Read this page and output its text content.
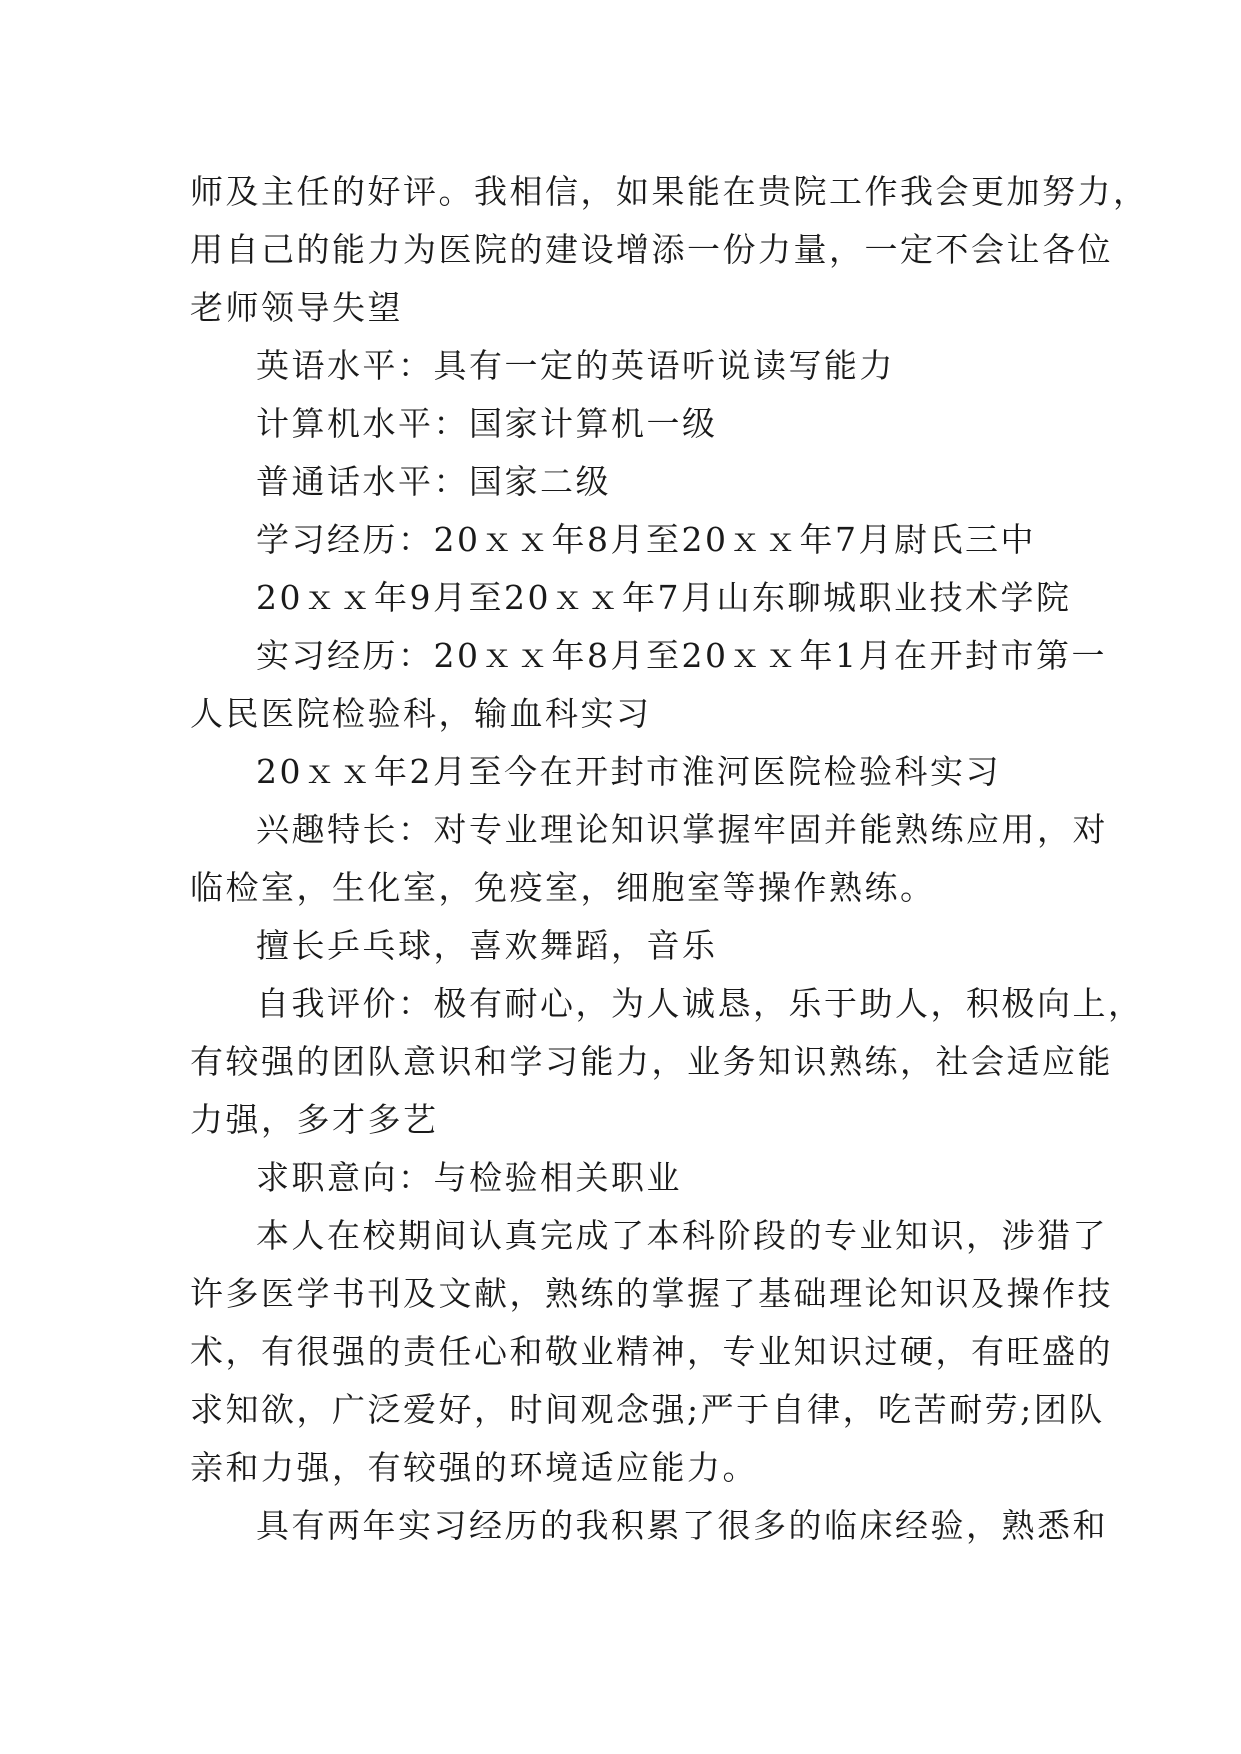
师及主任的好评。我相信，如果能在贵院工作我会更加努力，
用自己的能力为医院的建设增添一份力量，一定不会让各位
老师领导失望
英语水平：具有一定的英语听说读写能力
计算机水平：国家计算机一级
普通话水平：国家二级
学习经历：20ｘｘ年8月至20ｘｘ年7月尉氏三中
20ｘｘ年9月至20ｘｘ年7月山东聊城职业技术学院
实习经历：20ｘｘ年8月至20ｘｘ年1月在开封市第一
人民医院检验科，输血科实习
20ｘｘ年2月至今在开封市淮河医院检验科实习
兴趣特长：对专业理论知识掌握牢固并能熟练应用，对
临检室，生化室，免疫室，细胞室等操作熟练。
擅长乒乓球，喜欢舞蹈，音乐
自我评价：极有耐心，为人诚恳，乐于助人，积极向上，
有较强的团队意识和学习能力，业务知识熟练，社会适应能
力强，多才多艺
求职意向：与检验相关职业
本人在校期间认真完成了本科阶段的专业知识，涉猎了
许多医学书刊及文献，熟练的掌握了基础理论知识及操作技
术，有很强的责任心和敬业精神，专业知识过硬，有旺盛的
求知欲，广泛爱好，时间观念强;严于自律，吃苦耐劳;团队
亲和力强，有较强的环境适应能力。
具有两年实习经历的我积累了很多的临床经验，熟悉和
